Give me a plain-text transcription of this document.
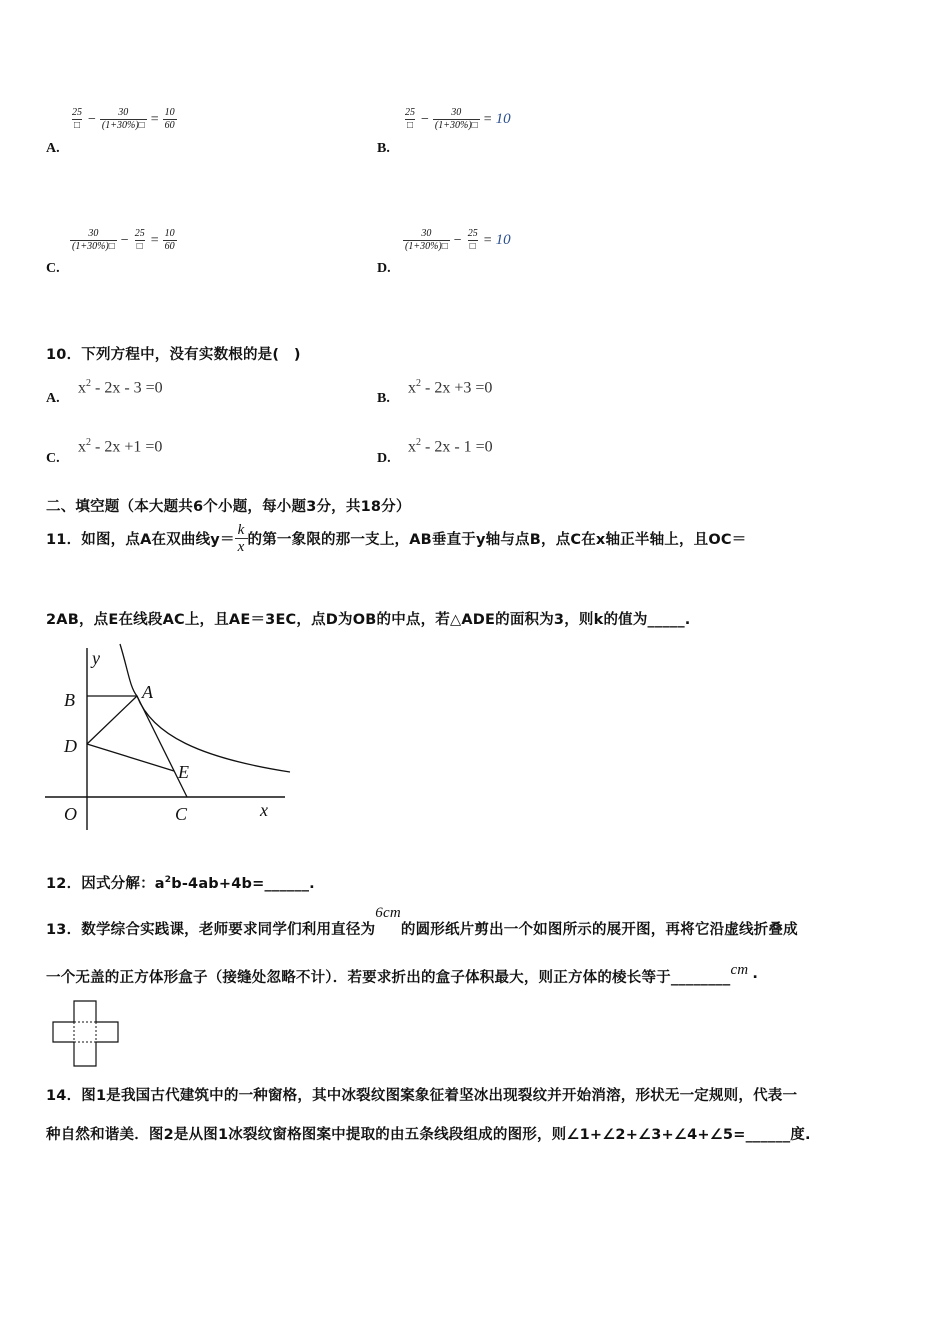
$\frac{25}{□} - \frac{30}{(1+30\%)□} = \frac{10}{60}$
A.
$\frac{25}{□} - \frac{30}{(1+30\%)□} = 10$
B.
$\frac{30}{(1+30\%)□} - \frac{25}{□} = \frac{10}{60}$
C.
$\frac{30}{(1+30\%)□} - \frac{25}{□} = 10$
D.
10．下列方程中，没有实数根的是(　)
A.
$x^2 - 2x - 3 =0$
B.
$x^2 - 2x +3 =0$
C.
$x^2 - 2x +1 =0$
D.
$x^2 - 2x - 1 =0$
二、填空题（本大题共6个小题，每小题3分，共18分）
11．如图，点A在双曲线$y= \frac{k}{x}$ 的第一象限的那一支上，AB垂直于y轴与点B，点C在x轴正半轴上，且OC＝
2AB，点E在线段AC上，且AE＝3EC，点D为OB的中点，若△ADE的面积为3，则k的值为_____.
y
B	A
D
E
O	C	x
12．因式分解：$a^2b-4ab+4b=\_\_\_\_\_\_$.
13．数学综合实践课，老师要求同学们利用直径为
6cm
的圆形纸片剪出一个如图所示的展开图，再将它沿虚线折叠成
一个无盖的正方体形盒子（接缝处忽略不计）．若要求折出的盒子体积最大，则正方体的棱长等于________ cm .
14．图1是我国古代建筑中的一种窗格，其中冰裂纹图案象征着坚冰出现裂纹并开始消溶，形状无一定规则，代表一
种自然和谐美．图2是从图1冰裂纹窗格图案中提取的由五条线段组成的图形，则∠1+∠2+∠3+∠4+∠5=______度.
